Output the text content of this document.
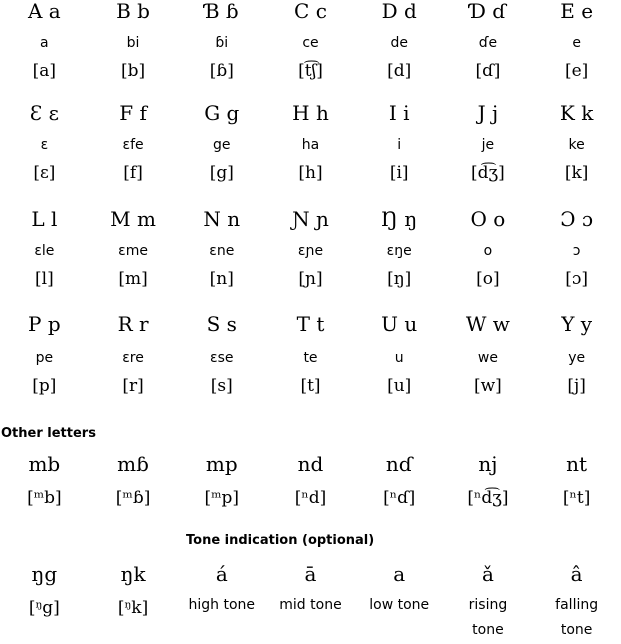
A a
a
[a]
B b
bi
[b]
Ɓ ɓ
ɓi
[ɓ]
C c
ce
[t͡ʃ]
D d
de
[d]
Ɗ ɗ
ɗe
[ɗ]
E e
e
[e]
Ɛ ɛ
ɛ
[ɛ]
F f
ɛfe
[f]
G g
ge
[g]
H h
ha
[h]
I i
i
[i]
J j
je
[d͡ʒ]
K k
ke
[k]
L l
ɛle
[l]
M m
ɛme
[m]
N n
ɛne
[n]
Ɲ ɲ
ɛɲe
[ɲ]
Ŋ ŋ
ɛŋe
[ŋ]
O o
o
[o]
Ɔ ɔ
ɔ
[ɔ]
P p
pe
[p]
R r
ɛre
[r]
S s
ɛse
[s]
T t
te
[t]
U u
u
[u]
W w
we
[w]
Y y
ye
[j]
Other letters
mb
[ᵐb]
mɓ
[ᵐɓ]
mp
[ᵐp]
nd
[ⁿd]
nɗ
[ⁿɗ]
nj
[ⁿd͡ʒ]
nt
[ⁿt]
Tone indication (optional)
ŋg
[ᵑg]
ŋk
[ᵑk]
á
high tone
ā
mid tone
a
low tone
ǎ
rising tone
â
falling tone
